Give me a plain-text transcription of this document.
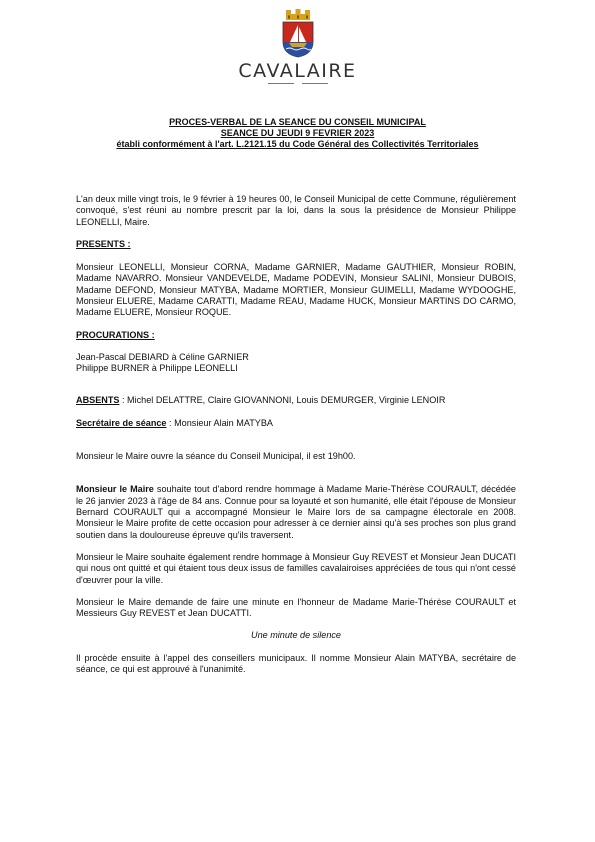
CAVALAIRE
PROCES-VERBAL DE LA SEANCE DU CONSEIL MUNICIPAL
SEANCE DU JEUDI 9 FEVRIER 2023
établi conformément à l'art. L.2121.15 du Code Général des Collectivités Territoriales

L'an deux mille vingt trois, le 9 février à 19 heures 00, le Conseil Municipal de cette Commune, régulièrement convoqué, s'est réuni au nombre prescrit par la loi, dans la sous la présidence de Monsieur Philippe LEONELLI, Maire.

PRESENTS :

Monsieur LEONELLI, Monsieur CORNA, Madame GARNIER, Madame GAUTHIER, Monsieur ROBIN, Madame NAVARRO. Monsieur VANDEVELDE, Madame PODEVIN, Monsieur SALINI, Monsieur DUBOIS, Madame DEFOND, Monsieur MATYBA, Madame MORTIER, Monsieur GUIMELLI, Madame WYDOOGHE, Monsieur ELUERE, Madame CARATTI, Madame REAU, Madame HUCK, Monsieur MARTINS DO CARMO, Madame ELUERE, Monsieur ROQUE.

PROCURATIONS :

Jean-Pascal DEBIARD à Céline GARNIER

Philippe BURNER à Philippe LEONELLI

ABSENTS : Michel DELATTRE, Claire GIOVANNONI, Louis DEMURGER, Virginie LENOIR

Secrétaire de séance : Monsieur Alain MATYBA

Monsieur le Maire ouvre la séance du Conseil Municipal, il est 19h00.

Monsieur le Maire souhaite tout d'abord rendre hommage à Madame Marie-Thérèse COURAULT, décédée le 26 janvier 2023 à l'âge de 84 ans. Connue pour sa loyauté et son humanité, elle était l'épouse de Monsieur Bernard COURAULT qui a accompagné Monsieur le Maire lors de sa campagne électorale en 2008. Monsieur le Maire profite de cette occasion pour adresser à ce dernier ainsi qu'à ses proches son plus grand soutien dans la douloureuse épreuve qu'ils traversent.

Monsieur le Maire souhaite également rendre hommage à Monsieur Guy REVEST et Monsieur Jean DUCATI qui nous ont quitté et qui étaient tous deux issus de familles cavalairoises appréciées de tous qui n'ont cessé d'œuvrer pour la ville.

Monsieur le Maire demande de faire une minute en l'honneur de Madame Marie-Thérèse COURAULT et Messieurs Guy REVEST et Jean DUCATTI.

Une minute de silence

Il procède ensuite à l'appel des conseillers municipaux. Il nomme Monsieur Alain MATYBA, secrétaire de séance, ce qui est approuvé à l'unanimité.
